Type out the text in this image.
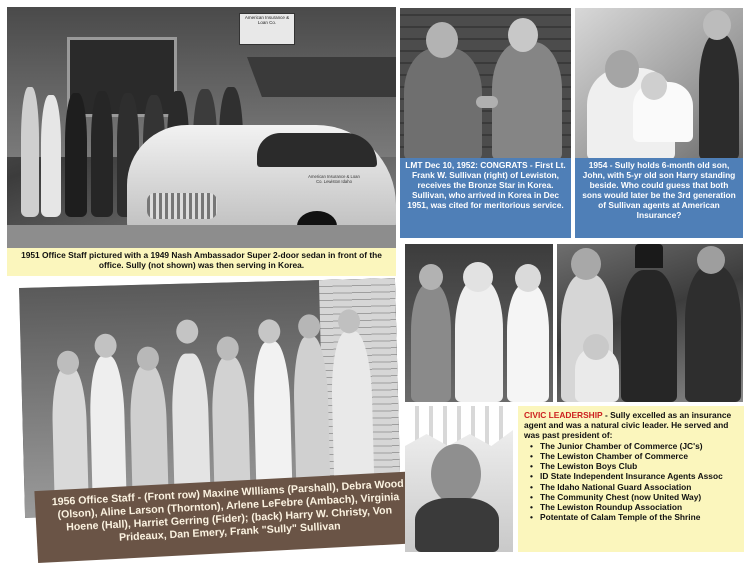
American Insurance & Loan Co.
American Insurance & Loan Co. Lewiston Idaho
1951 Office Staff pictured with a 1949 Nash Ambassador Super 2-door sedan in front of the office. Sully (not shown) was then serving in Korea.
LMT Dec 10, 1952: CONGRATS - First Lt. Frank W. Sullivan (right) of Lewiston, receives the Bronze Star in Korea. Sullivan, who arrived in Korea in Dec 1951, was cited for meritorious service.
1954 - Sully holds 6-month old son, John, with 5-yr old son Harry standing beside. Who could guess that both sons would later be the 3rd generation of Sullivan agents at American Insurance?
1956 Office Staff - (Front row) Maxine WIlliams (Parshall), Debra Wood (Olson), Aline Larson (Thornton), Arlene LeFebre (Ambach), Virginia Hoene (Hall), Harriet Gerring (Fider); (back) Harry W. Christy, Von Prideaux, Dan Emery, Frank "Sully" Sullivan
CIVIC LEADERSHIP - Sully excelled as an insurance agent and was a natural civic leader. He served and was past president of:
• The Junior Chamber of Commerce (JC's)
• The Lewiston Chamber of Commerce
• The Lewiston Boys Club
• ID State Independent Insurance Agents Assoc
• The Idaho National Guard Association
• The Community Chest (now United Way)
• The Lewiston Roundup Association
• Potentate of Calam Temple of the Shrine
